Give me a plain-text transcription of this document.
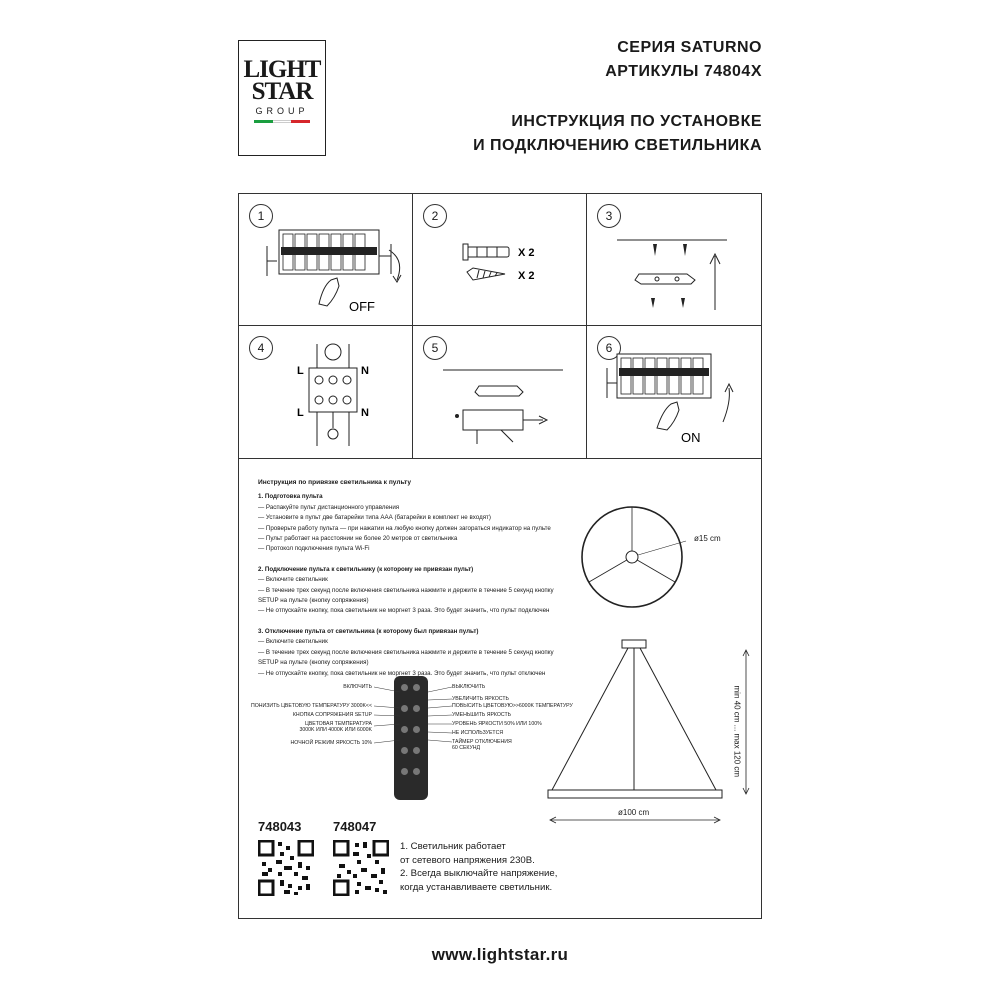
LIGHT
STAR
GROUP
СЕРИЯ SATURNO
АРТИКУЛЫ 74804X
ИНСТРУКЦИЯ ПО УСТАНОВКЕ
И ПОДКЛЮЧЕНИЮ СВЕТИЛЬНИКА
1
OFF
2
X 2
X 2
3
4
L	N
L	N
5	6
ON
Инструкция по привязке светильника к пульту
1. Подготовка пульта
— Распакуйте пульт дистанционного управления
— Установите в пульт две батарейки типа ААА (батарейки в комплект не входят)
— Проверьте работу пульта — при нажатии на любую кнопку должен загораться индикатор на пульте
— Пульт работает на расстоянии не более 20 метров от светильника
— Протокол подключения пульта Wi-Fi
2. Подключение пульта к светильнику (к которому не привязан пульт)
— Включите светильник
— В течение трех секунд после включения светильника нажмите и держите в течение 5 секунд кнопку
SETUP на пульте (кнопку сопряжения)
— Не отпускайте кнопку, пока светильник не моргнет 3 раза. Это будет значить, что пульт подключен
3. Отключение пульта от светильника (к которому был привязан пульт)
— Включите светильник
— В течение трех секунд после включения светильника нажмите и держите в течение 5 секунд кнопку
SETUP на пульте (кнопку сопряжения)
— Не отпускайте кнопку, пока светильник не моргнет 3 раза. Это будет значить, что пульт отключен
ВКЛЮЧИТЬ
ПОНИЗИТЬ ЦВЕТОВУЮ ТЕМПЕРАТУРУ 3000K<<
КНОПКА СОПРЯЖЕНИЯ SETUP
ЦВЕТОВАЯ ТЕМПЕРАТУРА
3000K ИЛИ 4000K ИЛИ 6000K
НОЧНОЙ РЕЖИМ ЯРКОСТЬ 10%
ВЫКЛЮЧИТЬ
УВЕЛИЧИТЬ ЯРКОСТЬ
ПОВЫСИТЬ ЦВЕТОВУЮ>>6000K ТЕМПЕРАТУРУ
УМЕНЬШИТЬ ЯРКОСТЬ
УРОВЕНЬ ЯРКОСТИ 50% ИЛИ 100%
НЕ ИСПОЛЬЗУЕТСЯ
ТАЙМЕР ОТКЛЮЧЕНИЯ
60 СЕКУНД
ø15 cm
ø100 cm
min 40 cm ... max 120 cm
748043 748047
1. Светильник работает
от сетевого напряжения 230В.
2. Всегда выключайте напряжение,
когда устанавливаете светильник.
www.lightstar.ru
